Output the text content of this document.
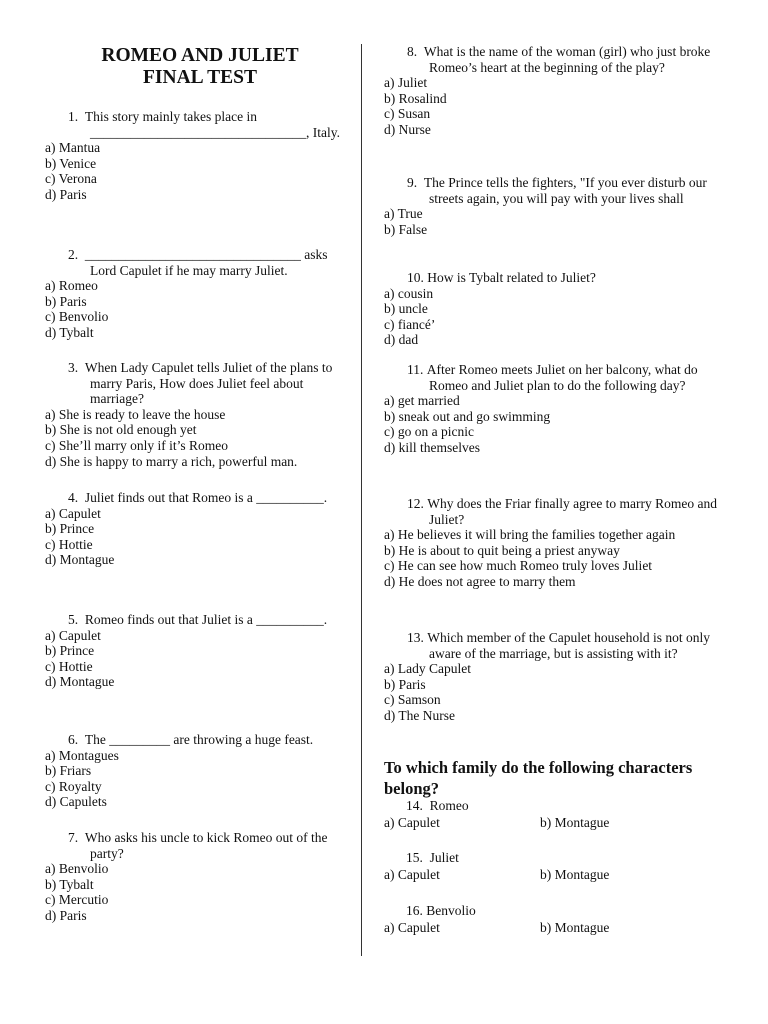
ROMEO AND JULIET
FINAL TEST
1. This story mainly takes place in ________________________________, Italy.
a) Mantua
b) Venice
c) Verona
d) Paris
2. ________________________________ asks Lord Capulet if he may marry Juliet.
a) Romeo
b) Paris
c) Benvolio
d) Tybalt
3. When Lady Capulet tells Juliet of the plans to marry Paris, How does Juliet feel about marriage?
a) She is ready to leave the house
b) She is not old enough yet
c) She’ll marry only if it’s Romeo
d) She is happy to marry a rich, powerful man.
4. Juliet finds out that Romeo is a __________.
a) Capulet
b) Prince
c) Hottie
d) Montague
5. Romeo finds out that Juliet is a __________.
a) Capulet
b) Prince
c) Hottie
d) Montague
6. The _________ are throwing a huge feast.
a) Montagues
b) Friars
c) Royalty
d) Capulets
7. Who asks his uncle to kick Romeo out of the party?
a) Benvolio
b) Tybalt
c) Mercutio
d) Paris
8. What is the name of the woman (girl) who just broke Romeo’s heart at the beginning of the play?
a) Juliet
b) Rosalind
c) Susan
d) Nurse
9. The Prince tells the fighters, "If you ever disturb our streets again, you will pay with your lives shall
a) True
b) False
10. How is Tybalt related to Juliet?
a) cousin
b) uncle
c) fiancé’
d) dad
11. After Romeo meets Juliet on her balcony, what do Romeo and Juliet plan to do the following day?
a) get married
b) sneak out and go swimming
c) go on a picnic
d) kill themselves
12. Why does the Friar finally agree to marry Romeo and Juliet?
a) He believes it will bring the families together again
b) He is about to quit being a priest anyway
c) He can see how much Romeo truly loves Juliet
d) He does not agree to marry them
13. Which member of the Capulet household is not only aware of the marriage, but is assisting with it?
a) Lady Capulet
b) Paris
c) Samson
d) The Nurse
To which family do the following characters belong?
14. Romeo
a) Capulet	b) Montague
15. Juliet
a) Capulet	b) Montague
16. Benvolio
a) Capulet	b) Montague
